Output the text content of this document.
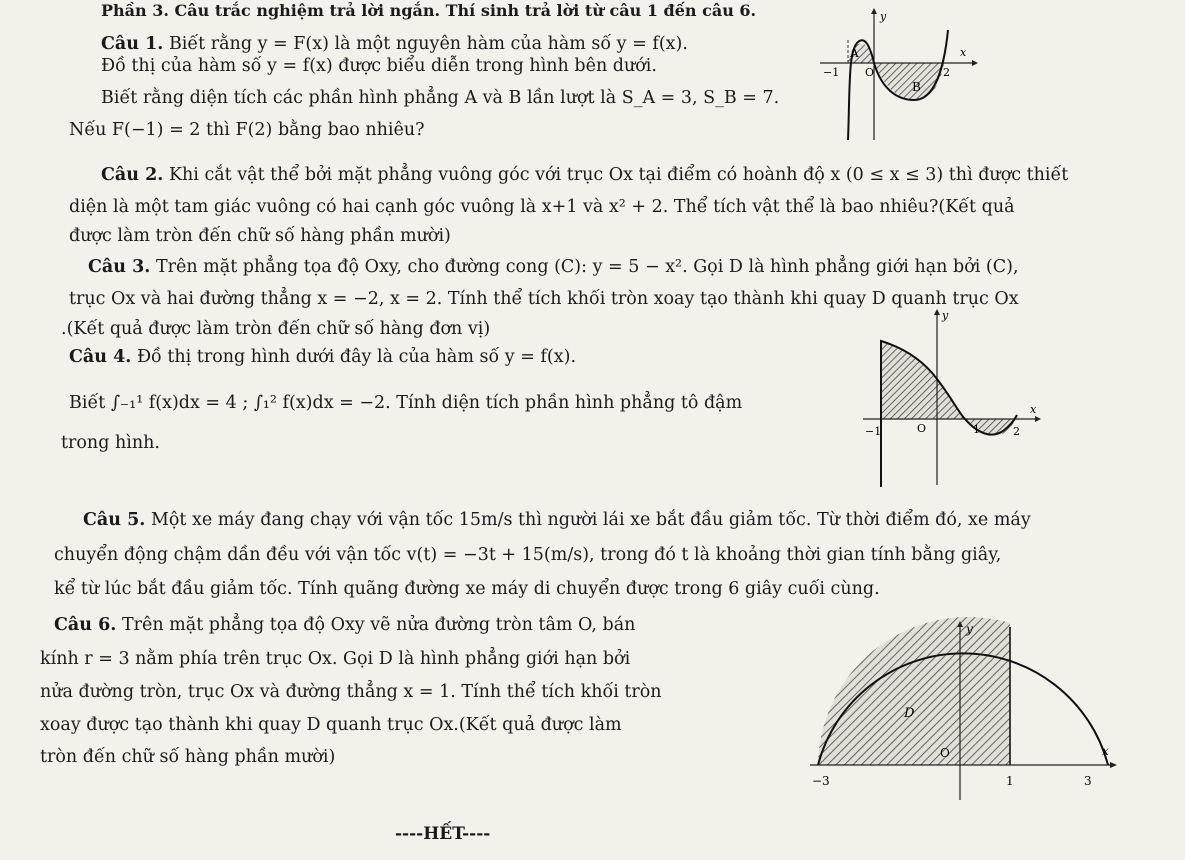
Phần 3. Câu trắc nghiệm trả lời ngắn. Thí sinh trả lời từ câu 1 đến câu 6.
Câu 1. Biết rằng y = F(x) là một nguyên hàm của hàm số y = f(x).
Đồ thị của hàm số y = f(x) được biểu diễn trong hình bên dưới.
Biết rằng diện tích các phần hình phẳng A và B lần lượt là S_A = 3, S_B = 7.
Nếu F(−1) = 2 thì F(2) bằng bao nhiêu?
y
x
A
B
−1 O	2
Câu 2. Khi cắt vật thể bởi mặt phẳng vuông góc với trục Ox tại điểm có hoành độ x (0 ≤ x ≤ 3) thì được thiết
diện là một tam giác vuông có hai cạnh góc vuông là x+1 và x² + 2. Thể tích vật thể là bao nhiêu?(Kết quả
được làm tròn đến chữ số hàng phần mười)
Câu 3. Trên mặt phẳng tọa độ Oxy, cho đường cong (C): y = 5 − x². Gọi D là hình phẳng giới hạn bởi (C),
trục Ox và hai đường thẳng x = −2, x = 2. Tính thể tích khối tròn xoay tạo thành khi quay D quanh trục Ox
.(Kết quả được làm tròn đến chữ số hàng đơn vị)
Câu 4. Đồ thị trong hình dưới đây là của hàm số y = f(x).
Biết ∫₋₁¹ f(x)dx = 4 ; ∫₁² f(x)dx = −2. Tính diện tích phần hình phẳng tô đậm
trong hình.
y
x
−1	O	1	2
Câu 5. Một xe máy đang chạy với vận tốc 15m/s thì người lái xe bắt đầu giảm tốc. Từ thời điểm đó, xe máy
chuyển động chậm dần đều với vận tốc v(t) = −3t + 15(m/s), trong đó t là khoảng thời gian tính bằng giây,
kể từ lúc bắt đầu giảm tốc. Tính quãng đường xe máy di chuyển được trong 6 giây cuối cùng.
Câu 6. Trên mặt phẳng tọa độ Oxy vẽ nửa đường tròn tâm O, bán
kính r = 3 nằm phía trên trục Ox. Gọi D là hình phẳng giới hạn bởi
nửa đường tròn, trục Ox và đường thẳng x = 1. Tính thể tích khối tròn
xoay được tạo thành khi quay D quanh trục Ox.(Kết quả được làm
tròn đến chữ số hàng phần mười)
y
x
D
O
−3	1	3
----HẾT----
